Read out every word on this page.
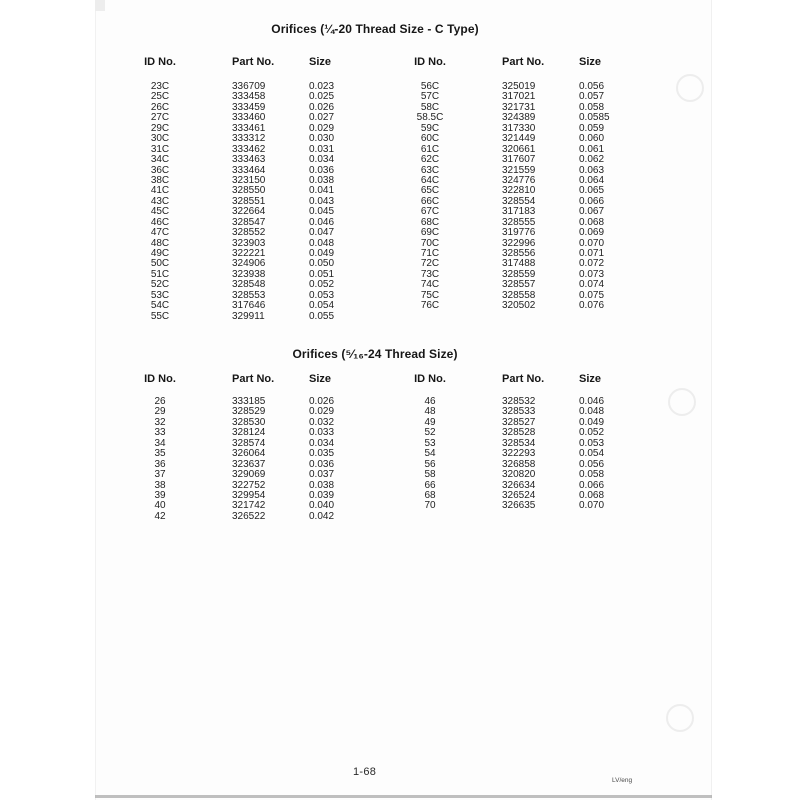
Orifices (¼-20 Thread Size - C Type)
ID No.	Part No.	Size
23C	336709	0.023
25C	333458	0.025
26C	333459	0.026
27C	333460	0.027
29C	333461	0.029
30C	333312	0.030
31C	333462	0.031
34C	333463	0.034
36C	333464	0.036
38C	323150	0.038
41C	328550	0.041
43C	328551	0.043
45C	322664	0.045
46C	328547	0.046
47C	328552	0.047
48C	323903	0.048
49C	322221	0.049
50C	324906	0.050
51C	323938	0.051
52C	328548	0.052
53C	328553	0.053
54C	317646	0.054
55C	329911	0.055
ID No.	Part No.	Size
56C	325019	0.056
57C	317021	0.057
58C	321731	0.058
58.5C	324389	0.0585
59C	317330	0.059
60C	321449	0.060
61C	320661	0.061
62C	317607	0.062
63C	321559	0.063
64C	324776	0.064
65C	322810	0.065
66C	328554	0.066
67C	317183	0.067
68C	328555	0.068
69C	319776	0.069
70C	322996	0.070
71C	328556	0.071
72C	317488	0.072
73C	328559	0.073
74C	328557	0.074
75C	328558	0.075
76C	320502	0.076
Orifices (⁵⁄₁₆-24 Thread Size)
ID No.	Part No.	Size
26	333185	0.026
29	328529	0.029
32	328530	0.032
33	328124	0.033
34	328574	0.034
35	326064	0.035
36	323637	0.036
37	329069	0.037
38	322752	0.038
39	329954	0.039
40	321742	0.040
42	326522	0.042
ID No.	Part No.	Size
46	328532	0.046
48	328533	0.048
49	328527	0.049
52	328528	0.052
53	328534	0.053
54	322293	0.054
56	326858	0.056
58	320820	0.058
66	326634	0.066
68	326524	0.068
70	326635	0.070
1-68
LV/eng
